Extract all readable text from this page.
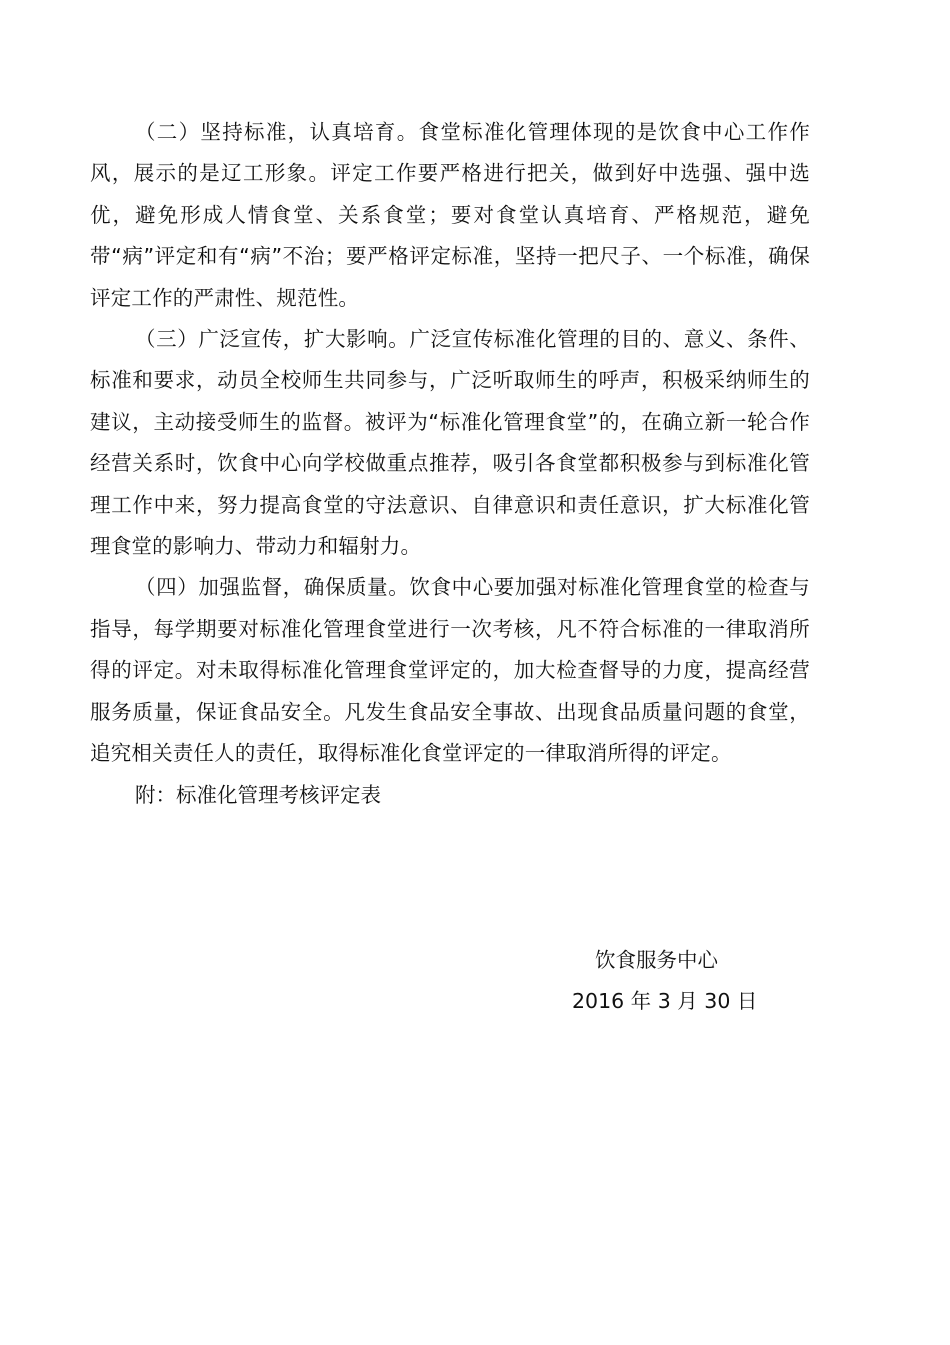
（二）坚持标准，认真培育。食堂标准化管理体现的是饮食中心工作作风，展示的是辽工形象。评定工作要严格进行把关，做到好中选强、强中选优，避免形成人情食堂、关系食堂；要对食堂认真培育、严格规范，避免带“病”评定和有“病”不治；要严格评定标准，坚持一把尺子、一个标准，确保评定工作的严肃性、规范性。

（三）广泛宣传，扩大影响。广泛宣传标准化管理的目的、意义、条件、标准和要求，动员全校师生共同参与，广泛听取师生的呼声，积极采纳师生的建议，主动接受师生的监督。被评为“标准化管理食堂”的，在确立新一轮合作经营关系时，饮食中心向学校做重点推荐，吸引各食堂都积极参与到标准化管理工作中来，努力提高食堂的守法意识、自律意识和责任意识，扩大标准化管理食堂的影响力、带动力和辐射力。

（四）加强监督，确保质量。饮食中心要加强对标准化管理食堂的检查与指导，每学期要对标准化管理食堂进行一次考核，凡不符合标准的一律取消所得的评定。对未取得标准化管理食堂评定的，加大检查督导的力度，提高经营服务质量，保证食品安全。凡发生食品安全事故、出现食品质量问题的食堂，追究相关责任人的责任，取得标准化食堂评定的一律取消所得的评定。

附：标准化管理考核评定表

饮食服务中心

2016 年 3 月 30 日
